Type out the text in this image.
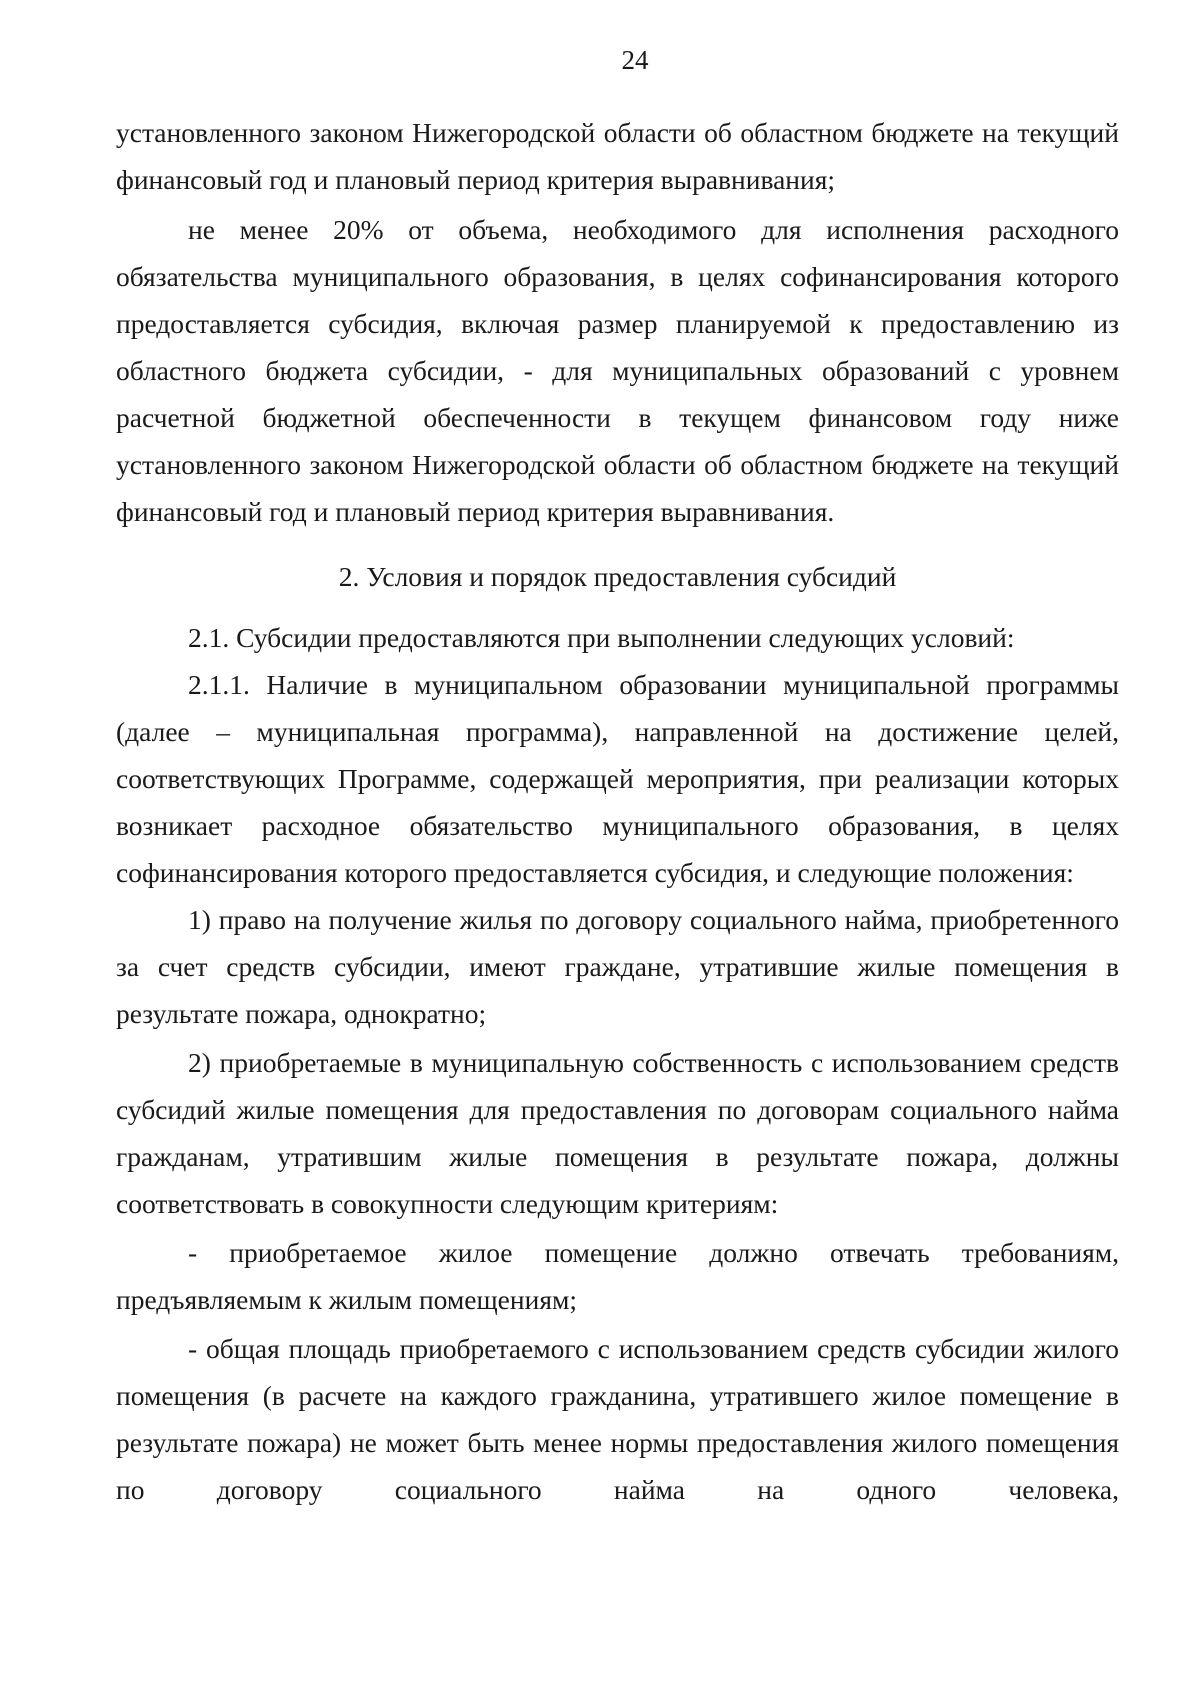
24

установленного законом Нижегородской области об областном бюджете на текущий финансовый год и плановый период критерия выравнивания;

не менее 20% от объема, необходимого для исполнения расходного обязательства муниципального образования, в целях софинансирования которого предоставляется субсидия, включая размер планируемой к предоставлению из областного бюджета субсидии, - для муниципальных образований с уровнем расчетной бюджетной обеспеченности в текущем финансовом году ниже установленного законом Нижегородской области об областном бюджете на текущий финансовый год и плановый период критерия выравнивания.

2. Условия и порядок предоставления субсидий

2.1. Субсидии предоставляются при выполнении следующих условий:

2.1.1. Наличие в муниципальном образовании муниципальной программы (далее – муниципальная программа), направленной на достижение целей, соответствующих Программе, содержащей мероприятия, при реализации которых возникает расходное обязательство муниципального образования, в целях софинансирования которого предоставляется субсидия, и следующие положения:

1) право на получение жилья по договору социального найма, приобретенного за счет средств субсидии, имеют граждане, утратившие жилые помещения в результате пожара, однократно;

2) приобретаемые в муниципальную собственность с использованием средств субсидий жилые помещения для предоставления по договорам социального найма гражданам, утратившим жилые помещения в результате пожара, должны соответствовать в совокупности следующим критериям:

- приобретаемое жилое помещение должно отвечать требованиям, предъявляемым к жилым помещениям;

- общая площадь приобретаемого с использованием средств субсидии жилого помещения (в расчете на каждого гражданина, утратившего жилое помещение в результате пожара) не может быть менее нормы предоставления жилого помещения по договору социального найма на одного человека,
